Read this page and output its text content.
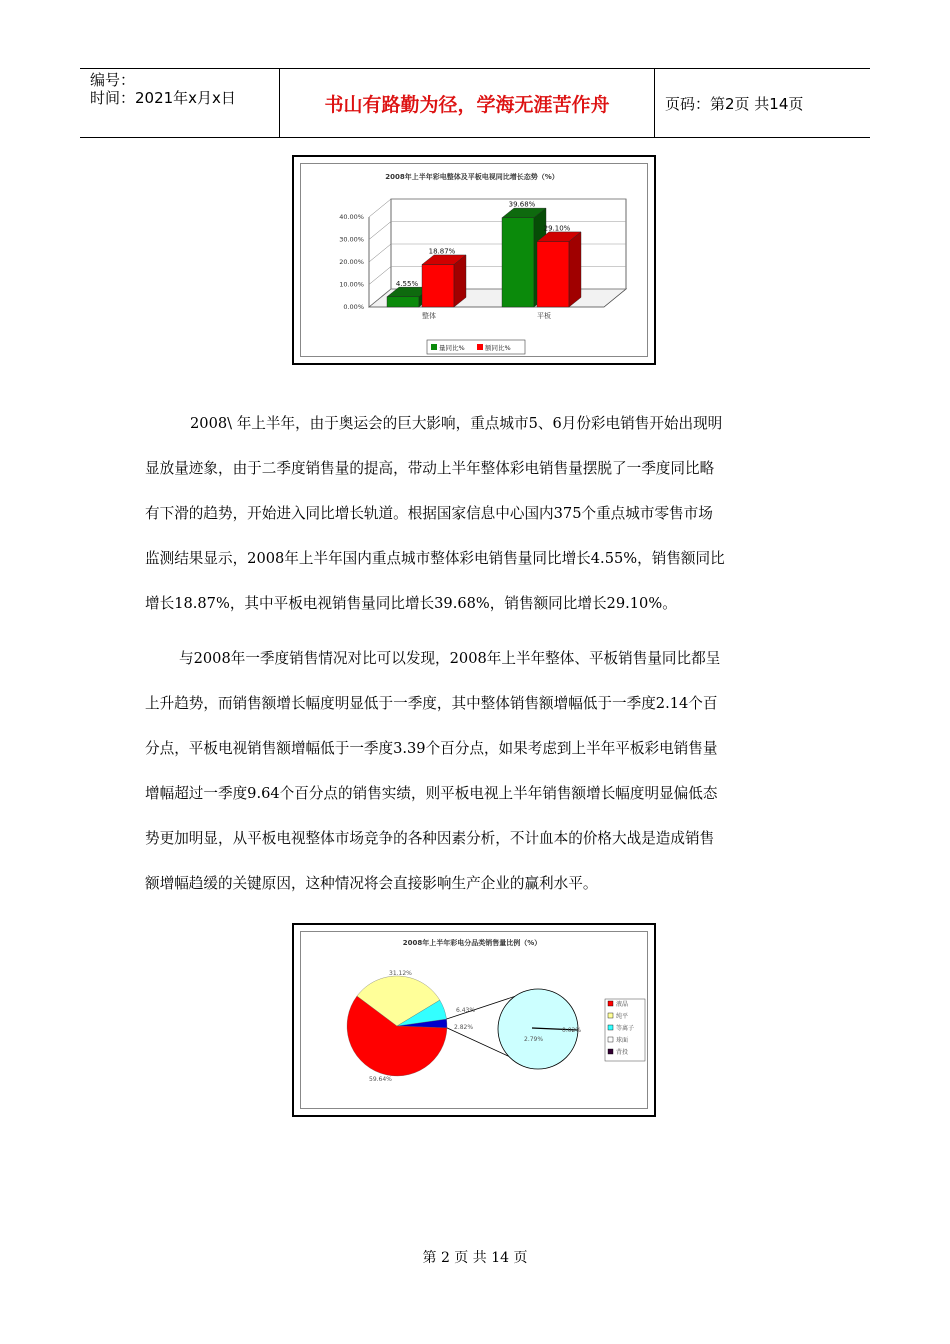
编号：
时间：2021年x月x日	书山有路勤为径，学海无涯苦作舟	页码：第2页 共14页
2008年上半年彩电整体及平板电视同比增长态势（%）
0.00%
10.00%
20.00%
30.00%
40.00%
整体	平板
4.55%
18.87%
39.68%
29.10%
量同比%	额同比%

2008\ 年上半年，由于奥运会的巨大影响，重点城市5、6月份彩电销售开始出现明

显放量迹象，由于二季度销售量的提高，带动上半年整体彩电销售量摆脱了一季度同比略

有下滑的趋势，开始进入同比增长轨道。根据国家信息中心国内375个重点城市零售市场

监测结果显示，2008年上半年国内重点城市整体彩电销售量同比增长4.55%，销售额同比

增长18.87%，其中平板电视销售量同比增长39.68%，销售额同比增长29.10%。

与2008年一季度销售情况对比可以发现，2008年上半年整体、平板销售量同比都呈

上升趋势，而销售额增长幅度明显低于一季度，其中整体销售额增幅低于一季度2.14个百

分点，平板电视销售额增幅低于一季度3.39个百分点，如果考虑到上半年平板彩电销售量

增幅超过一季度9.64个百分点的销售实绩，则平板电视上半年销售额增长幅度明显偏低态

势更加明显，从平板电视整体市场竞争的各种因素分析，不计血本的价格大战是造成销售

额增幅趋缓的关键原因，这种情况将会直接影响生产企业的赢利水平。

2008年上半年彩电分品类销售量比例（%）
59.64%
31.12%
6.43%
2.82%
2.79%
0.02%
液晶
纯平
等离子
球面
背投
第 2 页 共 14 页
